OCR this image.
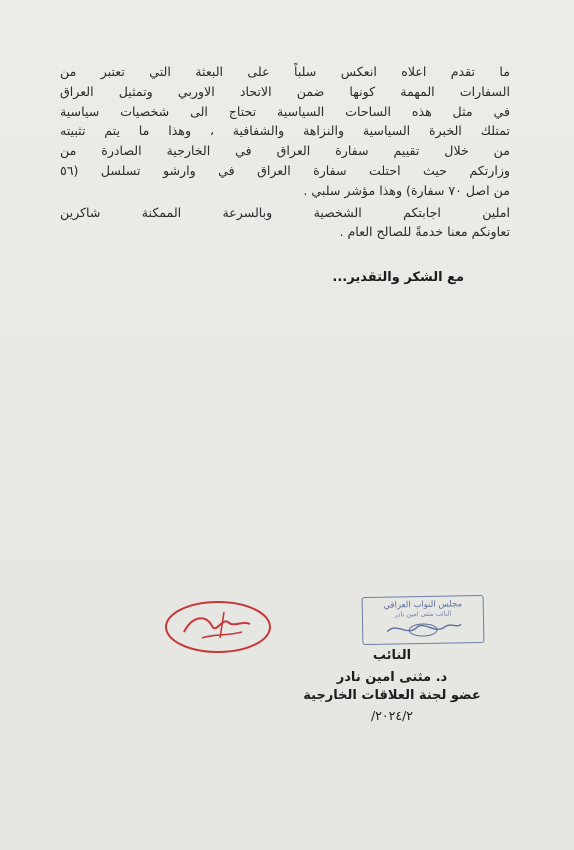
ما تقدم اعلاه انعكس سلباً على البعثة التي تعتبر من
السفارات المهمة كونها ضمن الاتحاد الاوربي وتمثيل العراق
في مثل هذه الساحات السياسية تحتاج الى شخصيات سياسية
تمتلك الخبرة السياسية والنزاهة والشفافية ، وهذا ما يتم تثبيته
من خلال تقييم سفارة العراق في الخارجية الصادرة من
وزارتكم حيث احتلت سفارة العراق في وارشو تسلسل (٥٦
من اصل ٧٠ سفارة) وهذا مؤشر سلبي .
املين اجابتكم الشخصية وبالسرعة الممكنة شاكرين
تعاونكم معنا خدمةً للصالح العام .
مع الشكر والتقدير...
مجلس النواب العراقي
النائب مثنى امين نادر
النائب
د. مثنى امين نادر
عضو لجنة العلاقات الخارجية
٢٠٢٤/٢/
